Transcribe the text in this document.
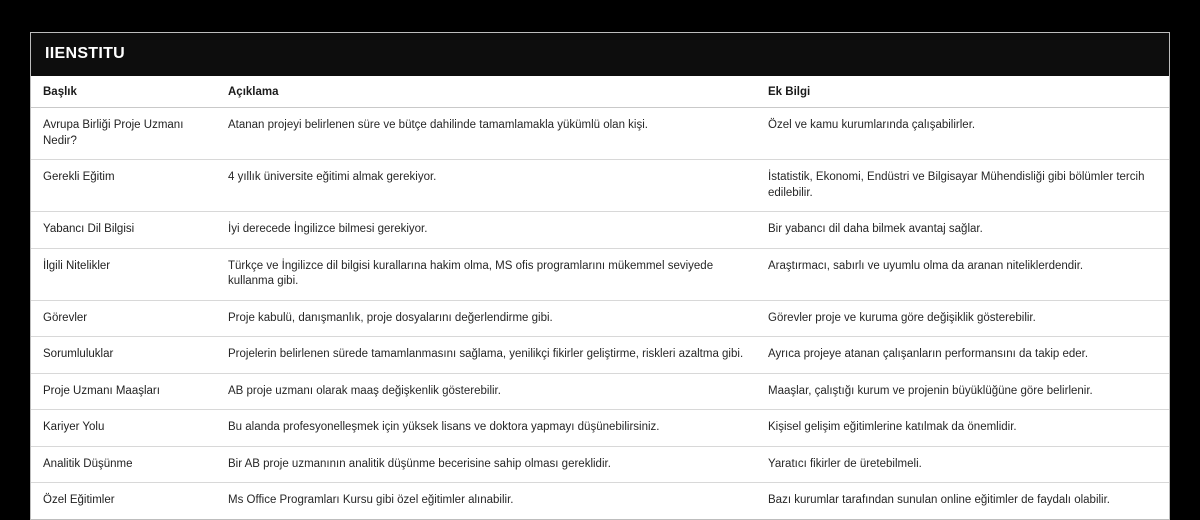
IIENSTITU
Başlık	Açıklama	Ek Bilgi
Avrupa Birliği Proje Uzmanı Nedir?	Atanan projeyi belirlenen süre ve bütçe dahilinde tamamlamakla yükümlü olan kişi.	Özel ve kamu kurumlarında çalışabilirler.
Gerekli Eğitim	4 yıllık üniversite eğitimi almak gerekiyor.	İstatistik, Ekonomi, Endüstri ve Bilgisayar Mühendisliği gibi bölümler tercih edilebilir.
Yabancı Dil Bilgisi	İyi derecede İngilizce bilmesi gerekiyor.	Bir yabancı dil daha bilmek avantaj sağlar.
İlgili Nitelikler	Türkçe ve İngilizce dil bilgisi kurallarına hakim olma, MS ofis programlarını mükemmel seviyede kullanma gibi.	Araştırmacı, sabırlı ve uyumlu olma da aranan niteliklerdendir.
Görevler	Proje kabulü, danışmanlık, proje dosyalarını değerlendirme gibi.	Görevler proje ve kuruma göre değişiklik gösterebilir.
Sorumluluklar	Projelerin belirlenen sürede tamamlanmasını sağlama, yenilikçi fikirler geliştirme, riskleri azaltma gibi.	Ayrıca projeye atanan çalışanların performansını da takip eder.
Proje Uzmanı Maaşları	AB proje uzmanı olarak maaş değişkenlik gösterebilir.	Maaşlar, çalıştığı kurum ve projenin büyüklüğüne göre belirlenir.
Kariyer Yolu	Bu alanda profesyonelleşmek için yüksek lisans ve doktora yapmayı düşünebilirsiniz.	Kişisel gelişim eğitimlerine katılmak da önemlidir.
Analitik Düşünme	Bir AB proje uzmanının analitik düşünme becerisine sahip olması gereklidir.	Yaratıcı fikirler de üretebilmeli.
Özel Eğitimler	Ms Office Programları Kursu gibi özel eğitimler alınabilir.	Bazı kurumlar tarafından sunulan online eğitimler de faydalı olabilir.
